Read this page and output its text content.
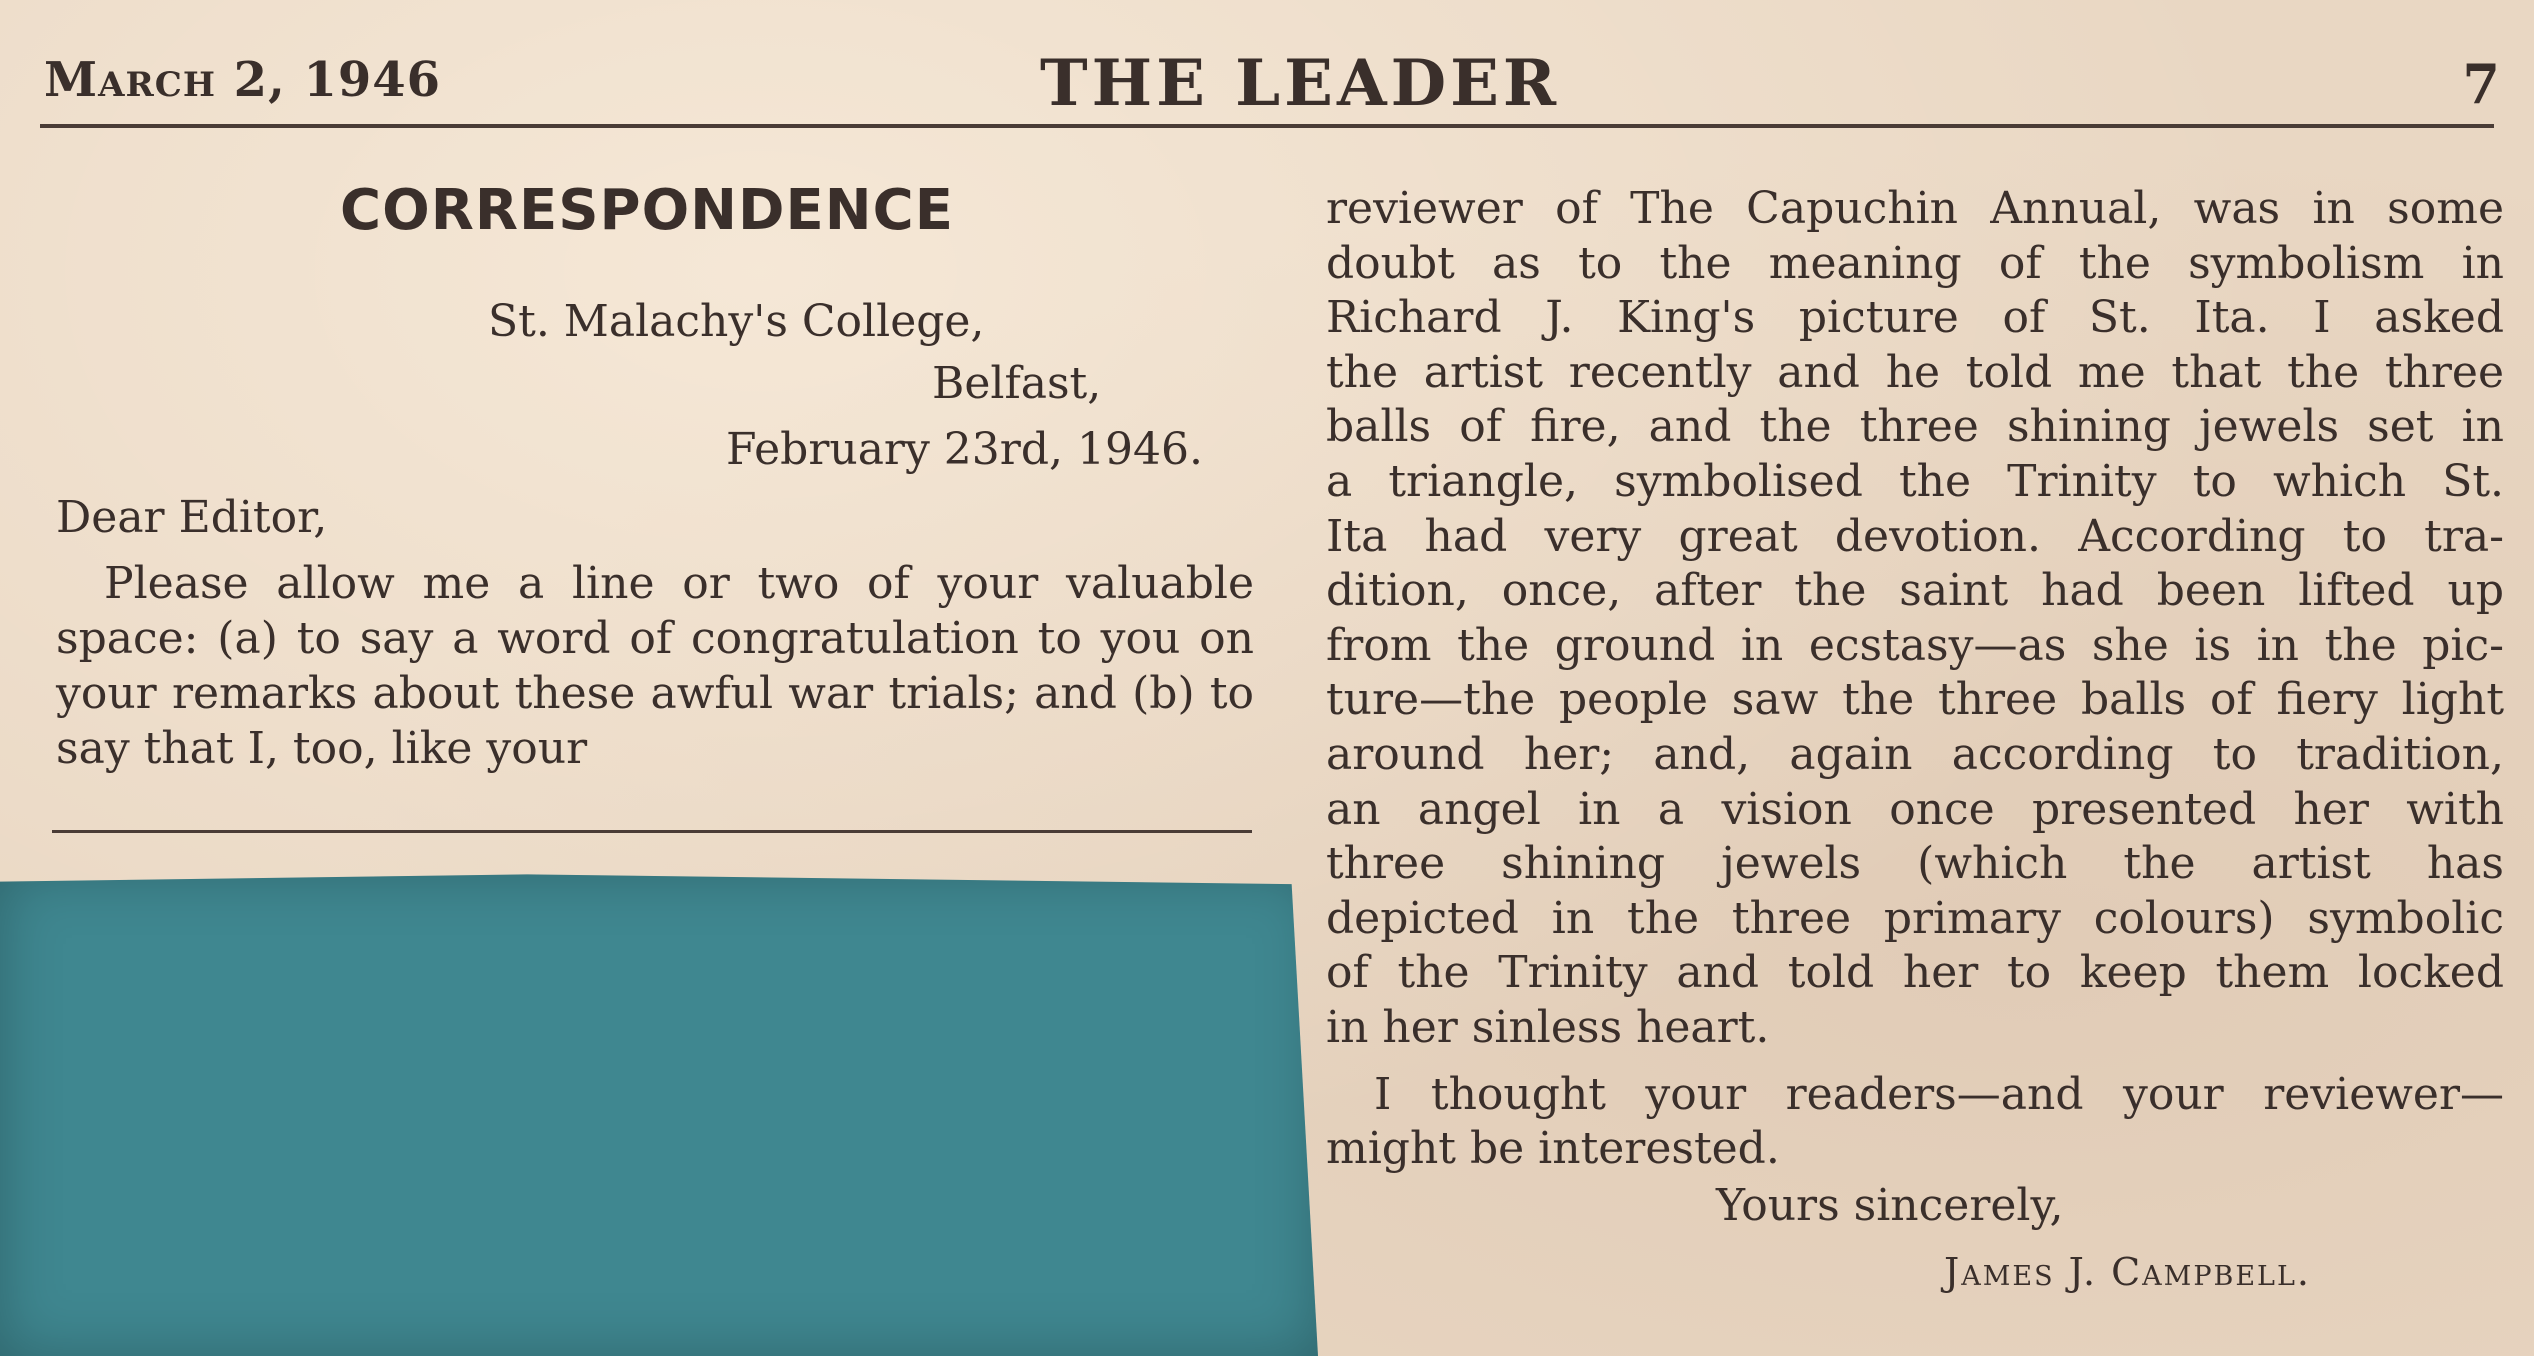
March 2, 1946	THE LEADER	7
CORRESPONDENCE
St. Malachy's College,
Belfast,
February 23rd, 1946.
Dear Editor,

Please allow me a line or two of your valuable space: (a) to say a word of congratulation to you on your remarks about these awful war trials; and (b) to say that I, too, like your

reviewer of The Capuchin Annual, was in some
doubt as to the meaning of the symbolism in
Richard J. King's picture of St. Ita. I asked
the artist recently and he told me that the three
balls of fire, and the three shining jewels set in
a triangle, symbolised the Trinity to which St.
Ita had very great devotion. According to tra-
dition, once, after the saint had been lifted up
from the ground in ecstasy—as she is in the pic-
ture—the people saw the three balls of fiery light
around her; and, again according to tradition,
an angel in a vision once presented her with
three shining jewels (which the artist has
depicted in the three primary colours) symbolic
of the Trinity and told her to keep them locked
in her sinless heart.

I thought your readers—and your reviewer—
might be interested.

Yours sincerely,
James J. Campbell.
